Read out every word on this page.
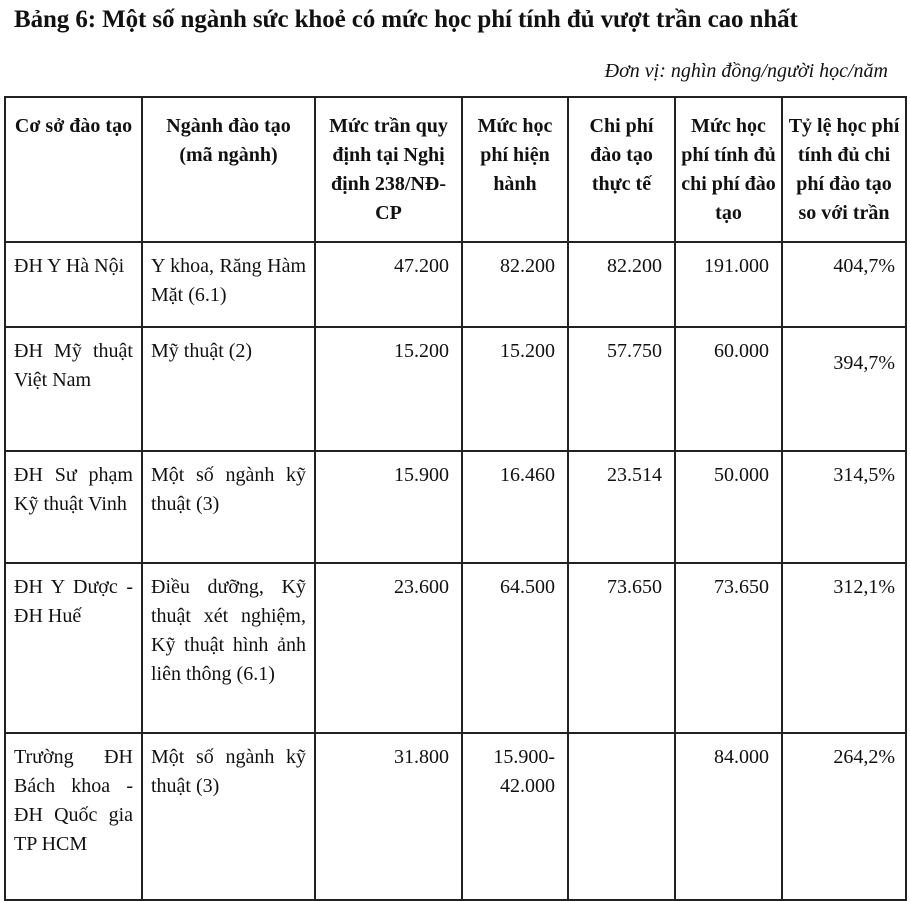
Bảng 6: Một số ngành sức khoẻ có mức học phí tính đủ vượt trần cao nhất
Đơn vị: nghìn đồng/người học/năm
Cơ sở đào tạo	Ngành đào tạo (mã ngành)	Mức trần quy định tại Nghị định 238/NĐ-CP	Mức học phí hiện hành	Chi phí đào tạo thực tế	Mức học phí tính đủ chi phí đào tạo	Tỷ lệ học phí tính đủ chi phí đào tạo so với trần
ĐH Y Hà Nội	Y khoa, Răng Hàm Mặt (6.1)	47.200	82.200	82.200	191.000	404,7%
ĐH Mỹ thuật Việt Nam	Mỹ thuật (2)	15.200	15.200	57.750	60.000	394,7%
ĐH Sư phạm Kỹ thuật Vinh	Một số ngành kỹ thuật (3)	15.900	16.460	23.514	50.000	314,5%
ĐH Y Dược - ĐH Huế	Điều dưỡng, Kỹ thuật xét nghiệm, Kỹ thuật hình ảnh liên thông (6.1)	23.600	64.500	73.650	73.650	312,1%
Trường ĐH Bách khoa - ĐH Quốc gia TP HCM	Một số ngành kỹ thuật (3)	31.800	15.900-42.000		84.000	264,2%
